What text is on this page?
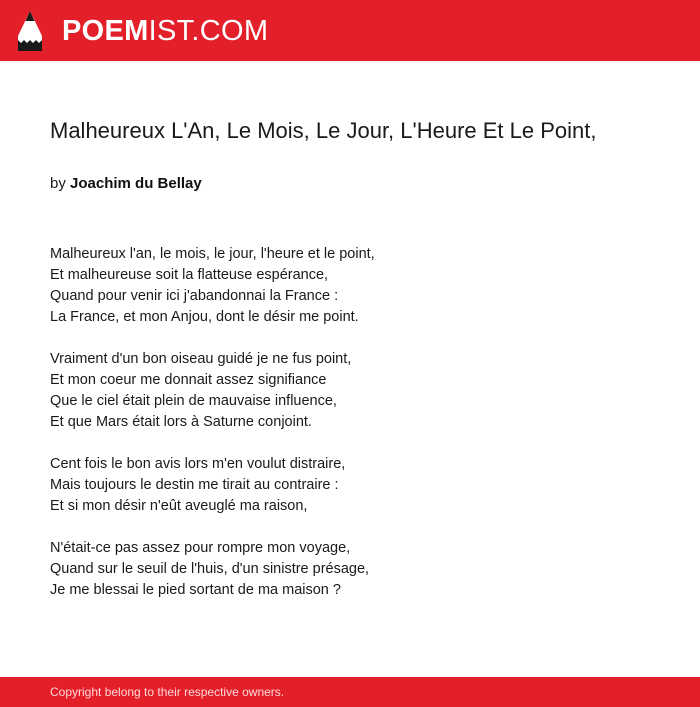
POEMIST.COM
Malheureux L'An, Le Mois, Le Jour, L'Heure Et Le Point,
by Joachim du Bellay
Malheureux l'an, le mois, le jour, l'heure et le point,
Et malheureuse soit la flatteuse espérance,
Quand pour venir ici j'abandonnai la France :
La France, et mon Anjou, dont le désir me point.
Vraiment d'un bon oiseau guidé je ne fus point,
Et mon coeur me donnait assez signifiance
Que le ciel était plein de mauvaise influence,
Et que Mars était lors à Saturne conjoint.
Cent fois le bon avis lors m'en voulut distraire,
Mais toujours le destin me tirait au contraire :
Et si mon désir n'eût aveuglé ma raison,
N'était-ce pas assez pour rompre mon voyage,
Quand sur le seuil de l'huis, d'un sinistre présage,
Je me blessai le pied sortant de ma maison ?
Copyright belong to their respective owners.
